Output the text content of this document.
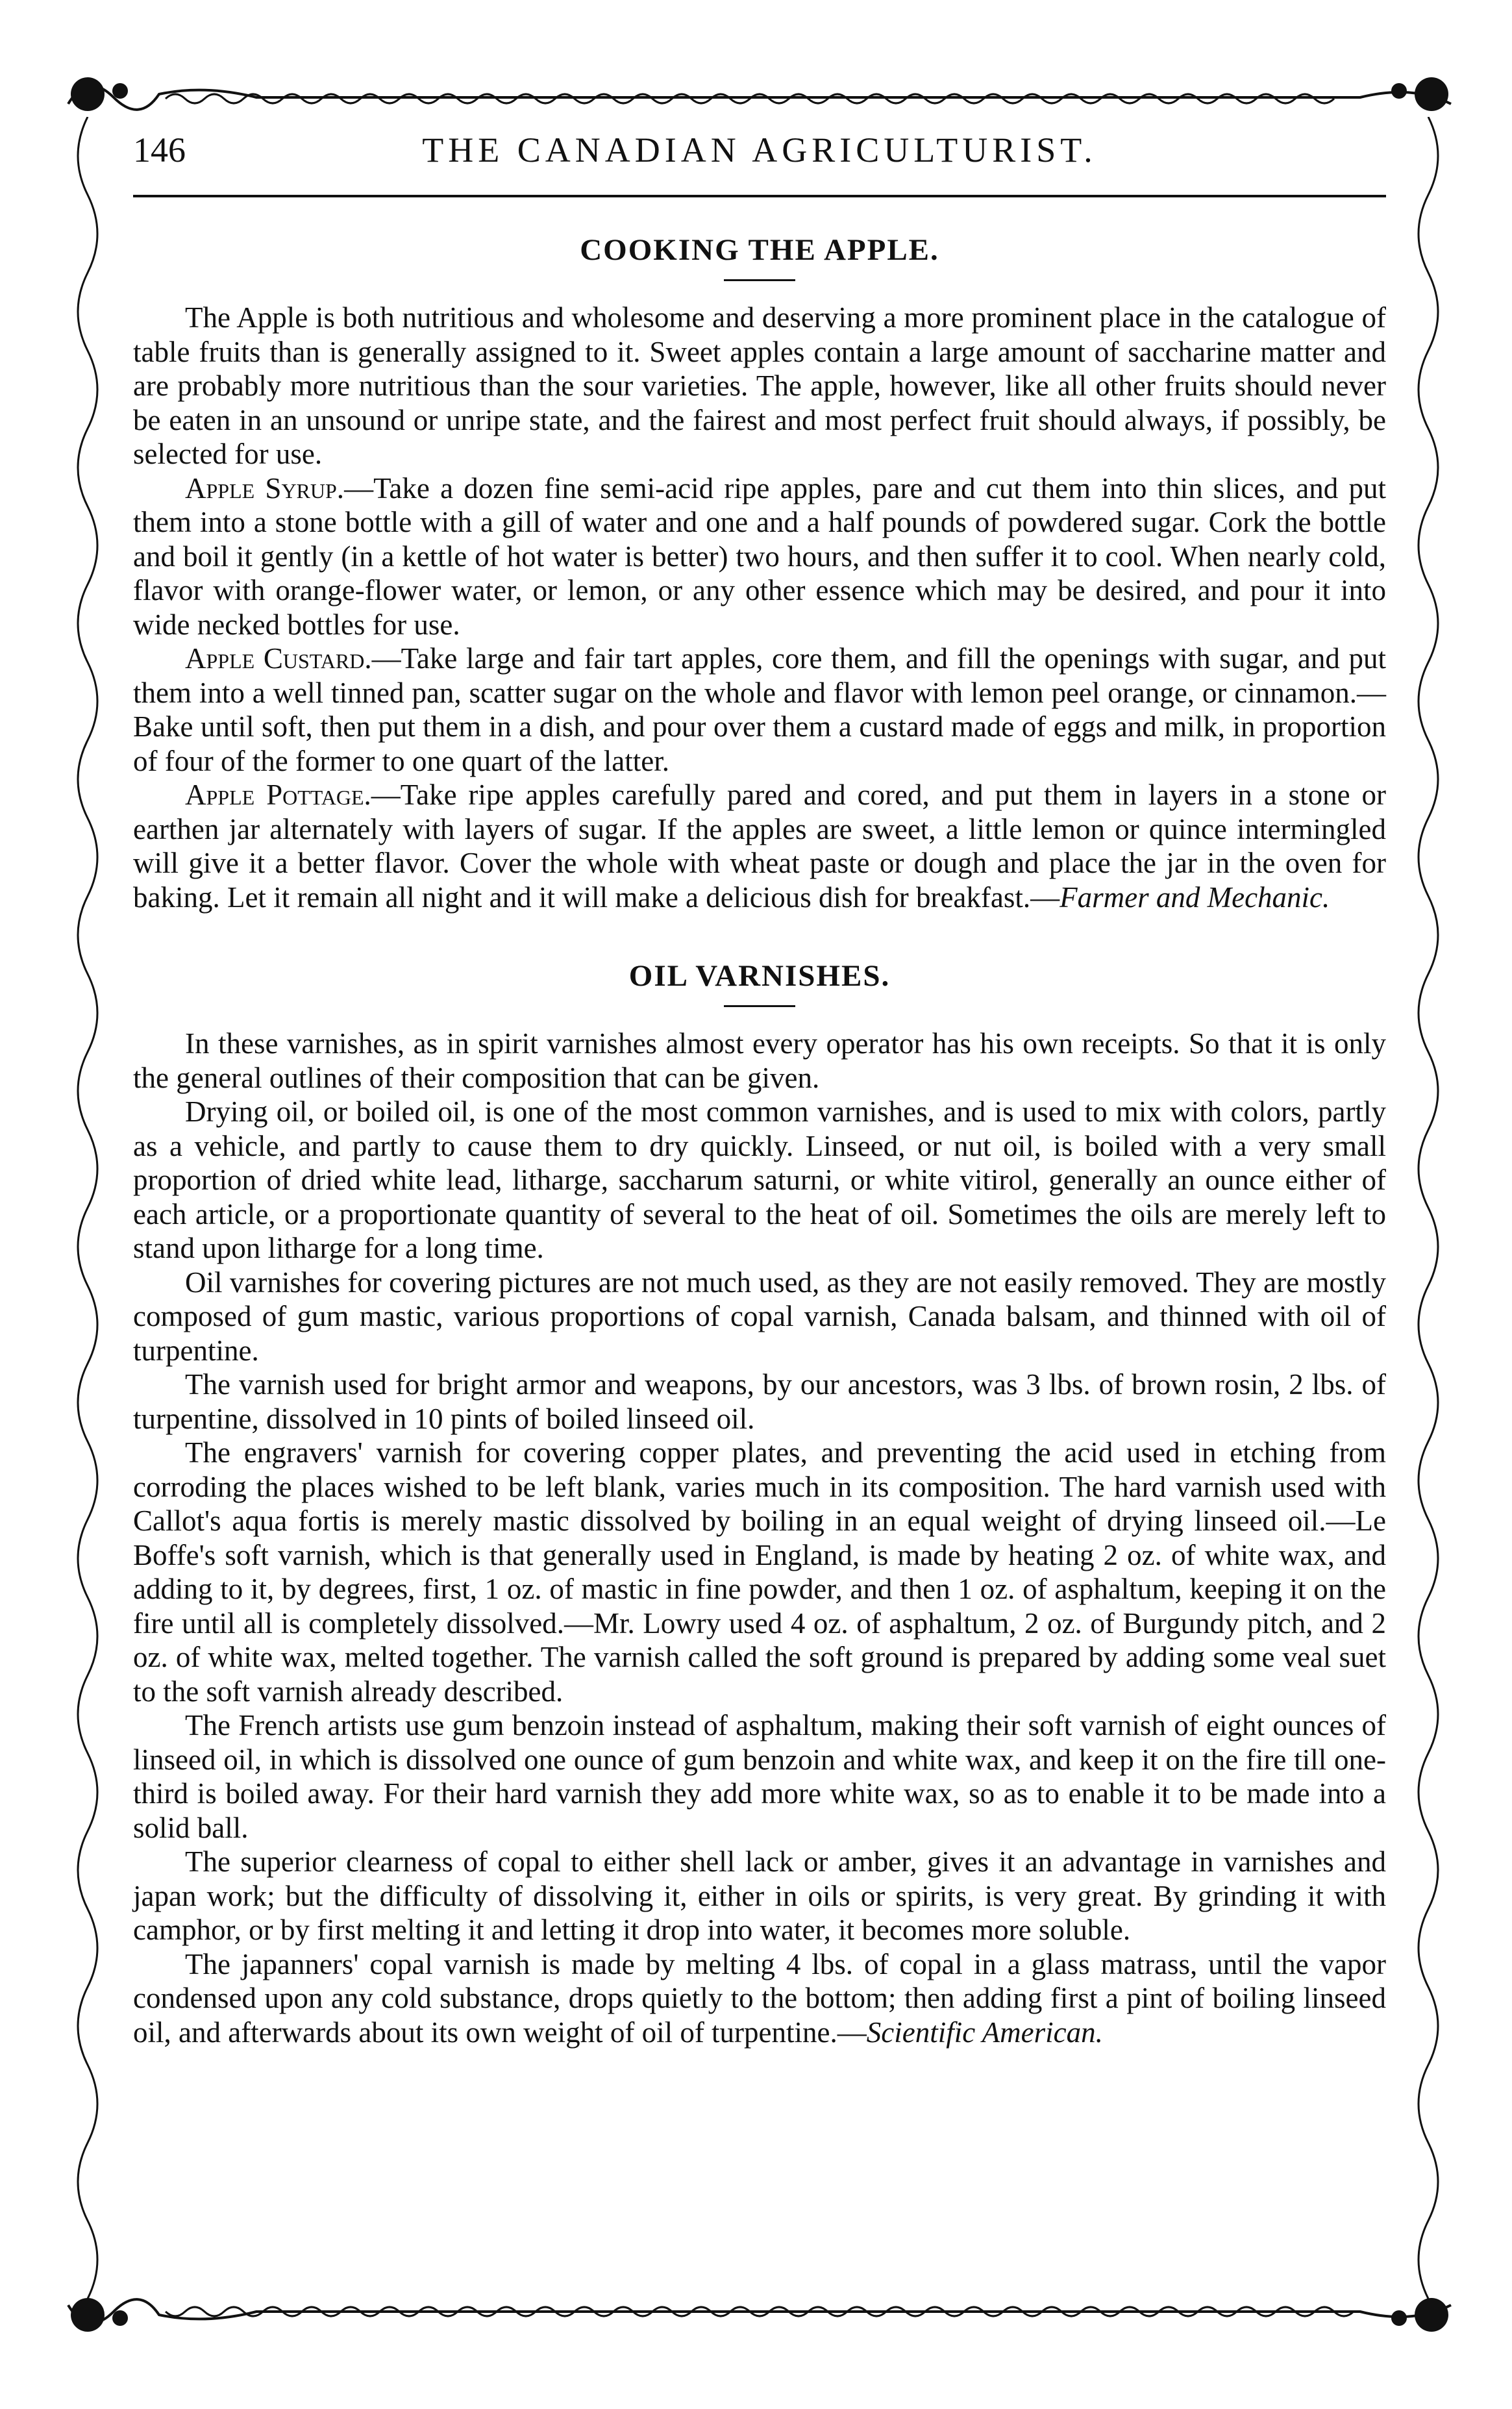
146	THE CANADIAN AGRICULTURIST.
COOKING THE APPLE.

The Apple is both nutritious and wholesome and deserving a more prominent place in the catalogue of table fruits than is generally assigned to it. Sweet apples contain a large amount of saccharine matter and are probably more nutritious than the sour varieties. The apple, however, like all other fruits should never be eaten in an unsound or unripe state, and the fairest and most perfect fruit should always, if possibly, be selected for use.

Apple Syrup.—Take a dozen fine semi-acid ripe apples, pare and cut them into thin slices, and put them into a stone bottle with a gill of water and one and a half pounds of powdered sugar. Cork the bottle and boil it gently (in a kettle of hot water is better) two hours, and then suffer it to cool. When nearly cold, flavor with orange-flower water, or lemon, or any other essence which may be desired, and pour it into wide necked bottles for use.

Apple Custard.—Take large and fair tart apples, core them, and fill the openings with sugar, and put them into a well tinned pan, scatter sugar on the whole and flavor with lemon peel orange, or cinnamon.—Bake until soft, then put them in a dish, and pour over them a custard made of eggs and milk, in proportion of four of the former to one quart of the latter.

Apple Pottage.—Take ripe apples carefully pared and cored, and put them in layers in a stone or earthen jar alternately with layers of sugar. If the apples are sweet, a little lemon or quince intermingled will give it a better flavor. Cover the whole with wheat paste or dough and place the jar in the oven for baking. Let it remain all night and it will make a delicious dish for breakfast.—Farmer and Mechanic.

OIL VARNISHES.

In these varnishes, as in spirit varnishes almost every operator has his own receipts. So that it is only the general outlines of their composition that can be given.

Drying oil, or boiled oil, is one of the most common varnishes, and is used to mix with colors, partly as a vehicle, and partly to cause them to dry quickly. Linseed, or nut oil, is boiled with a very small proportion of dried white lead, litharge, saccharum saturni, or white vitirol, generally an ounce either of each article, or a proportionate quantity of several to the heat of oil. Sometimes the oils are merely left to stand upon litharge for a long time.

Oil varnishes for covering pictures are not much used, as they are not easily removed. They are mostly composed of gum mastic, various proportions of copal varnish, Canada balsam, and thinned with oil of turpentine.

The varnish used for bright armor and weapons, by our ancestors, was 3 lbs. of brown rosin, 2 lbs. of turpentine, dissolved in 10 pints of boiled linseed oil.

The engravers' varnish for covering copper plates, and preventing the acid used in etching from corroding the places wished to be left blank, varies much in its composition. The hard varnish used with Callot's aqua fortis is merely mastic dissolved by boiling in an equal weight of drying linseed oil.—Le Boffe's soft varnish, which is that generally used in England, is made by heating 2 oz. of white wax, and adding to it, by degrees, first, 1 oz. of mastic in fine powder, and then 1 oz. of asphaltum, keeping it on the fire until all is completely dissolved.—Mr. Lowry used 4 oz. of asphaltum, 2 oz. of Burgundy pitch, and 2 oz. of white wax, melted together. The varnish called the soft ground is prepared by adding some veal suet to the soft varnish already described.

The French artists use gum benzoin instead of asphaltum, making their soft varnish of eight ounces of linseed oil, in which is dissolved one ounce of gum benzoin and white wax, and keep it on the fire till one-third is boiled away. For their hard varnish they add more white wax, so as to enable it to be made into a solid ball.

The superior clearness of copal to either shell lack or amber, gives it an advantage in varnishes and japan work; but the difficulty of dissolving it, either in oils or spirits, is very great. By grinding it with camphor, or by first melting it and letting it drop into water, it becomes more soluble.

The japanners' copal varnish is made by melting 4 lbs. of copal in a glass matrass, until the vapor condensed upon any cold substance, drops quietly to the bottom; then adding first a pint of boiling linseed oil, and afterwards about its own weight of oil of turpentine.—Scientific American.
